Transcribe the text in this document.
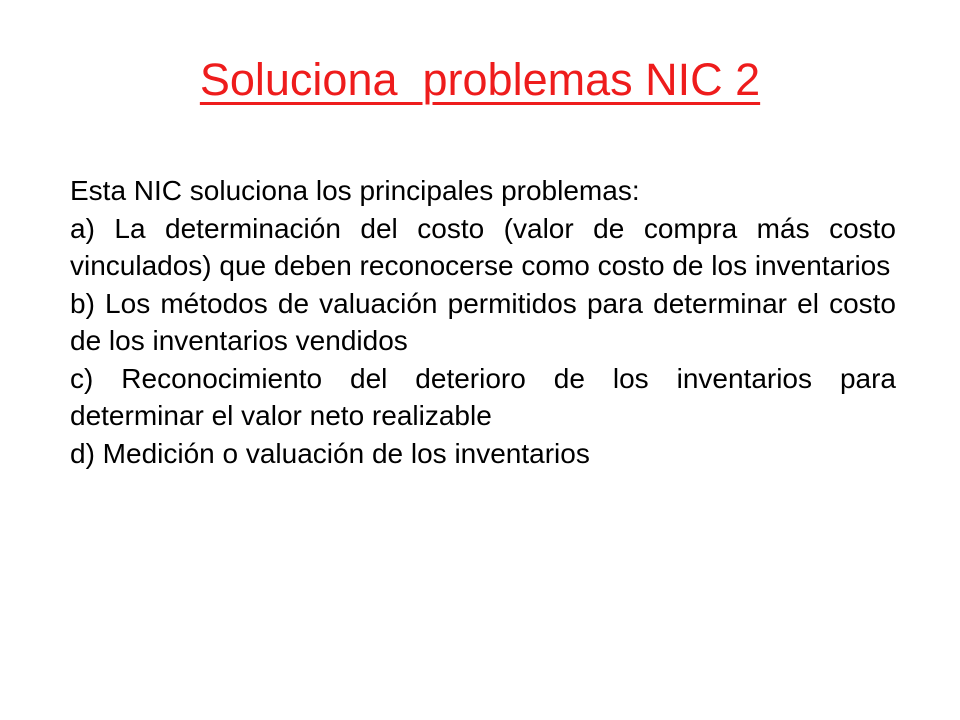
Soluciona  problemas NIC 2

Esta NIC soluciona los principales problemas:

a) La determinación del costo (valor de compra más costo vinculados) que deben reconocerse como costo de los inventarios

b) Los métodos de valuación permitidos para determinar el costo de los inventarios vendidos

c) Reconocimiento del deterioro de los inventarios para determinar el valor neto realizable

d) Medición o valuación de los inventarios
